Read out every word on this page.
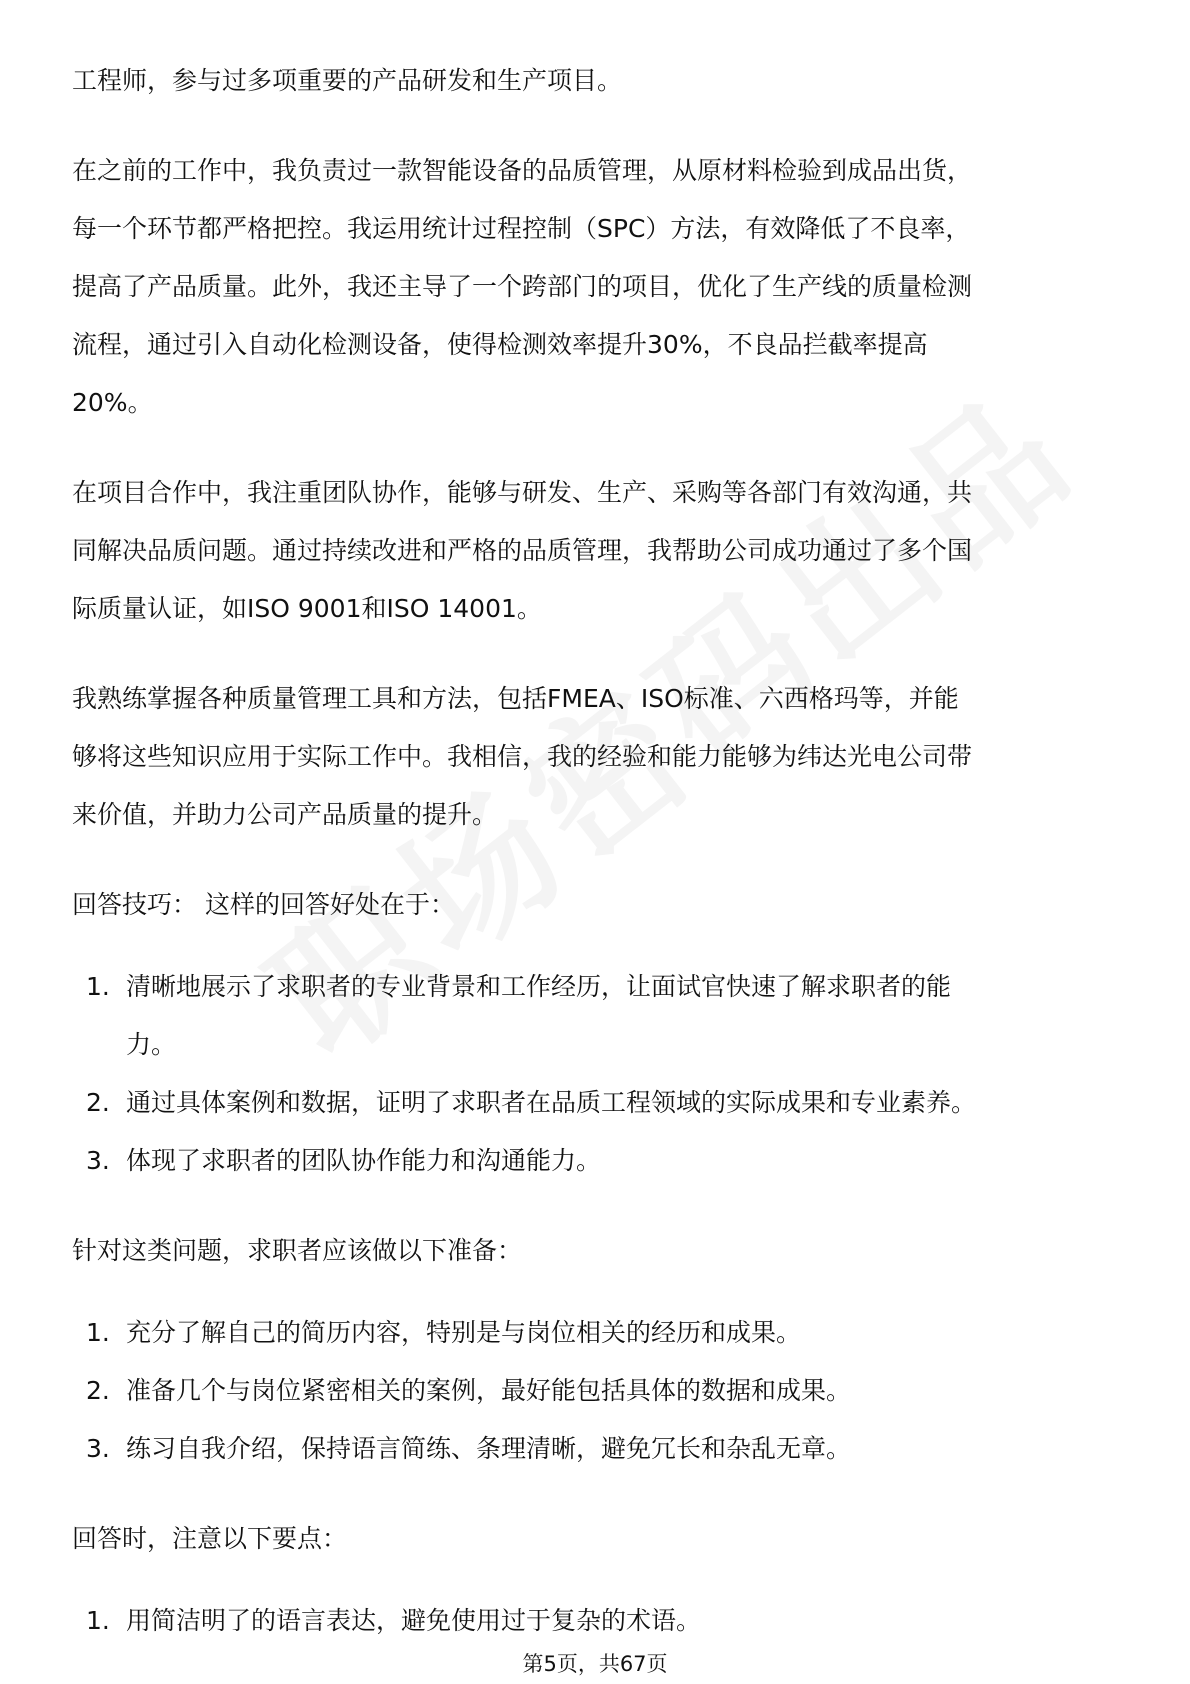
工程师，参与过多项重要的产品研发和生产项目。

在之前的工作中，我负责过一款智能设备的品质管理，从原材料检验到成品出货，

每一个环节都严格把控。我运用统计过程控制（SPC）方法，有效降低了不良率，

提高了产品质量。此外，我还主导了一个跨部门的项目，优化了生产线的质量检测

流程，通过引入自动化检测设备，使得检测效率提升30%，不良品拦截率提高

20%。

在项目合作中，我注重团队协作，能够与研发、生产、采购等各部门有效沟通，共

同解决品质问题。通过持续改进和严格的品质管理，我帮助公司成功通过了多个国

际质量认证，如ISO 9001和ISO 14001。

我熟练掌握各种质量管理工具和方法，包括FMEA、ISO标准、六西格玛等，并能

够将这些知识应用于实际工作中。我相信，我的经验和能力能够为纬达光电公司带

来价值，并助力公司产品质量的提升。

回答技巧： 这样的回答好处在于：

1. 清晰地展示了求职者的专业背景和工作经历，让面试官快速了解求职者的能
力。
2. 通过具体案例和数据，证明了求职者在品质工程领域的实际成果和专业素养。
3. 体现了求职者的团队协作能力和沟通能力。

针对这类问题，求职者应该做以下准备：

1. 充分了解自己的简历内容，特别是与岗位相关的经历和成果。
2. 准备几个与岗位紧密相关的案例，最好能包括具体的数据和成果。
3. 练习自我介绍，保持语言简练、条理清晰，避免冗长和杂乱无章。

回答时，注意以下要点：

1. 用简洁明了的语言表达，避免使用过于复杂的术语。
第5页，共67页
